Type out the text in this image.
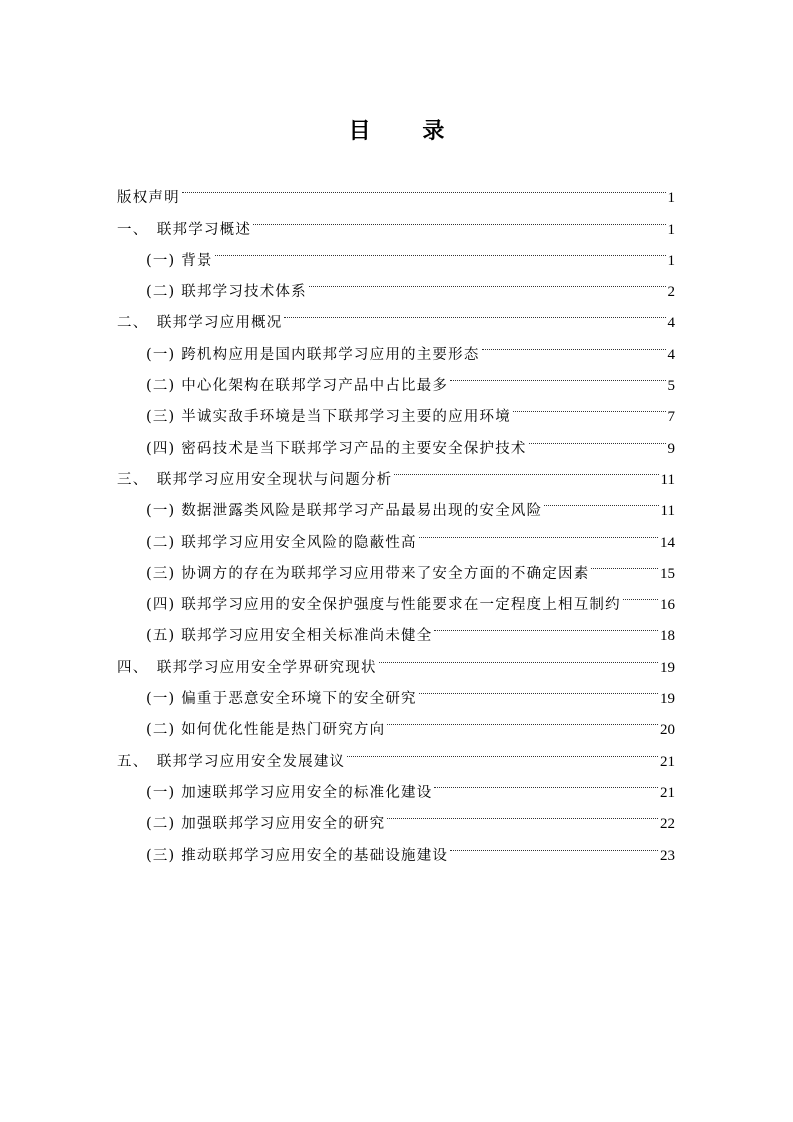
目 录
版权声明	1
一、　联邦学习概述	1
(一) 背景	1
(二) 联邦学习技术体系	2
二、　联邦学习应用概况	4
(一) 跨机构应用是国内联邦学习应用的主要形态	4
(二) 中心化架构在联邦学习产品中占比最多	5
(三) 半诚实敌手环境是当下联邦学习主要的应用环境	7
(四) 密码技术是当下联邦学习产品的主要安全保护技术	9
三、　联邦学习应用安全现状与问题分析	11
(一) 数据泄露类风险是联邦学习产品最易出现的安全风险	11
(二) 联邦学习应用安全风险的隐蔽性高	14
(三) 协调方的存在为联邦学习应用带来了安全方面的不确定因素	15
(四) 联邦学习应用的安全保护强度与性能要求在一定程度上相互制约	16
(五) 联邦学习应用安全相关标准尚未健全	18
四、　联邦学习应用安全学界研究现状	19
(一) 偏重于恶意安全环境下的安全研究	19
(二) 如何优化性能是热门研究方向	20
五、　联邦学习应用安全发展建议	21
(一) 加速联邦学习应用安全的标准化建设	21
(二) 加强联邦学习应用安全的研究	22
(三) 推动联邦学习应用安全的基础设施建设	23
